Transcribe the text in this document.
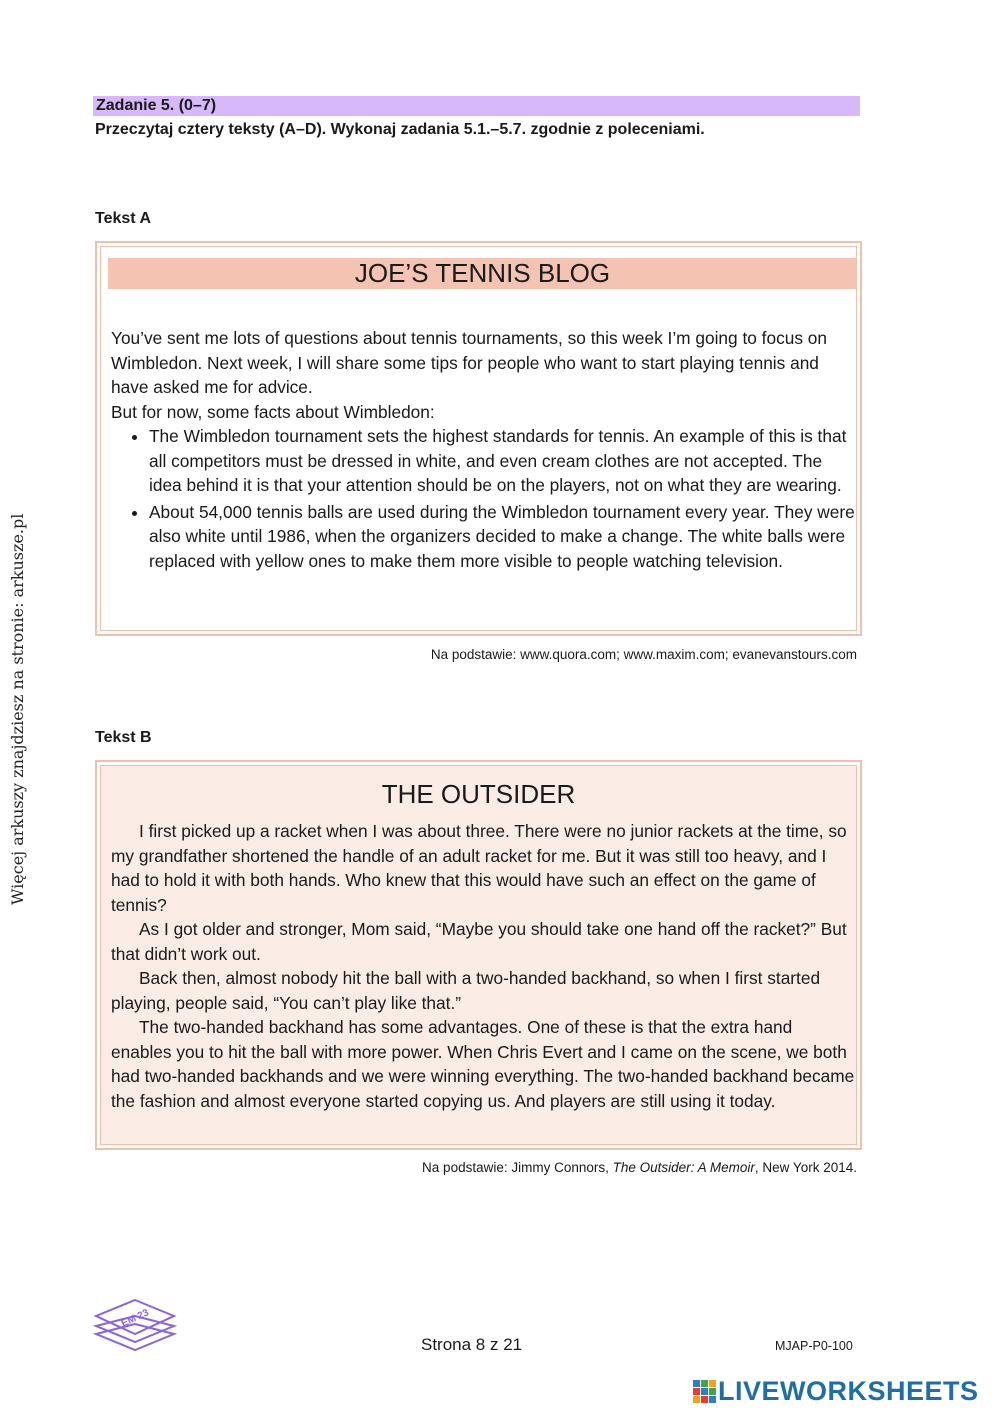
Zadanie 5. (0–7)
Przeczytaj cztery teksty (A–D). Wykonaj zadania 5.1.–5.7. zgodnie z poleceniami.
Tekst A
JOE’S TENNIS BLOG
You’ve sent me lots of questions about tennis tournaments, so this week I’m going to focus on Wimbledon. Next week, I will share some tips for people who want to start playing tennis and have asked me for advice.
But for now, some facts about Wimbledon:
• The Wimbledon tournament sets the highest standards for tennis. An example of this is that all competitors must be dressed in white, and even cream clothes are not accepted. The idea behind it is that your attention should be on the players, not on what they are wearing.
• About 54,000 tennis balls are used during the Wimbledon tournament every year. They were also white until 1986, when the organizers decided to make a change. The white balls were replaced with yellow ones to make them more visible to people watching television.
Na podstawie: www.quora.com; www.maxim.com; evanevanstours.com
Tekst B
THE OUTSIDER

I first picked up a racket when I was about three. There were no junior rackets at the time, so my grandfather shortened the handle of an adult racket for me. But it was still too heavy, and I had to hold it with both hands. Who knew that this would have such an effect on the game of tennis?

As I got older and stronger, Mom said, “Maybe you should take one hand off the racket?” But that didn’t work out.

Back then, almost nobody hit the ball with a two-handed backhand, so when I first started playing, people said, “You can’t play like that.”

The two-handed backhand has some advantages. One of these is that the extra hand enables you to hit the ball with more power. When Chris Evert and I came on the scene, we both had two-handed backhands and we were winning everything. The two-handed backhand became the fashion and almost everyone started copying us. And players are still using it today.

Na podstawie: Jimmy Connors, The Outsider: A Memoir, New York 2014.
Więcej arkuszy znajdziesz na stronie: arkusze.pl
EM 23
Strona 8 z 21	MJAP-P0-100
LIVEWORKSHEETS
